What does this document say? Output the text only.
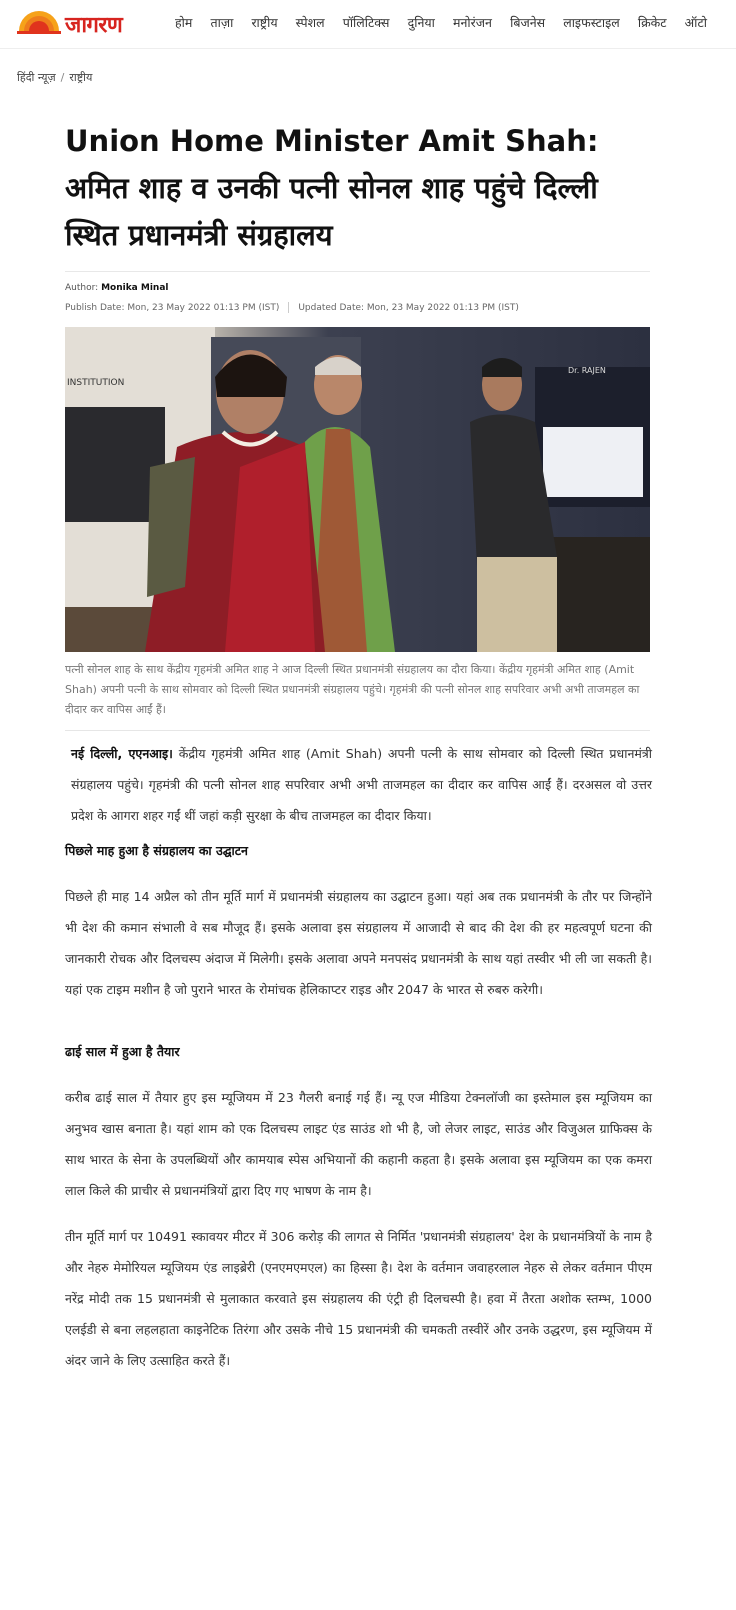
जागरण	होम ताज़ा राष्ट्रीय स्पेशल पॉलिटिक्स दुनिया मनोरंजन बिजनेस लाइफस्टाइल क्रिकेट ऑटो
हिंदी न्यूज़ / राष्ट्रीय
Union Home Minister Amit Shah: अमित शाह व उनकी पत्नी सोनल शाह पहुंचे दिल्ली स्थित प्रधानमंत्री संग्रहालय
Author: Monika Minal
Publish Date: Mon, 23 May 2022 01:13 PM (IST) Updated Date: Mon, 23 May 2022 01:13 PM (IST)
INSTITUTION
Dr. RAJEN
पत्नी सोनल शाह के साथ केंद्रीय गृहमंत्री अमित शाह ने आज दिल्ली स्थित प्रधानमंत्री संग्रहालय का दौरा किया। केंद्रीय गृहमंत्री अमित शाह (Amit Shah) अपनी पत्नी के साथ सोमवार को दिल्ली स्थित प्रधानमंत्री संग्रहालय पहुंचे। गृहमंत्री की पत्नी सोनल शाह सपरिवार अभी अभी ताजमहल का दीदार कर वापिस आईं हैं।

नई दिल्ली, एएनआइ। केंद्रीय गृहमंत्री अमित शाह (Amit Shah) अपनी पत्नी के साथ सोमवार को दिल्ली स्थित प्रधानमंत्री संग्रहालय पहुंचे। गृहमंत्री की पत्नी सोनल शाह सपरिवार अभी अभी ताजमहल का दीदार कर वापिस आईं हैं। दरअसल वो उत्तर प्रदेश के आगरा शहर गईं थीं जहां कड़ी सुरक्षा के बीच ताजमहल का दीदार किया।

पिछले माह हुआ है संग्रहालय का उद्घाटन

पिछले ही माह 14 अप्रैल को तीन मूर्ति मार्ग में प्रधानमंत्री संग्रहालय का उद्घाटन हुआ। यहां अब तक प्रधानमंत्री के तौर पर जिन्होंने भी देश की कमान संभाली वे सब मौजूद हैं। इसके अलावा इस संग्रहालय में आजादी से बाद की देश की हर महत्वपूर्ण घटना की जानकारी रोचक और दिलचस्प अंदाज में मिलेगी। इसके अलावा अपने मनपसंद प्रधानमंत्री के साथ यहां तस्वीर भी ली जा सकती है। यहां एक टाइम मशीन है जो पुराने भारत के रोमांचक हेलिकाप्टर राइड और 2047 के भारत से रुबरु करेगी।

ढाई साल में हुआ है तैयार

करीब ढाई साल में तैयार हुए इस म्यूजियम में 23 गैलरी बनाई गई हैं। न्यू एज मीडिया टेक्नलॉजी का इस्तेमाल इस म्यूजियम का अनुभव खास बनाता है। यहां शाम को एक दिलचस्प लाइट एंड साउंड शो भी है, जो लेजर लाइट, साउंड और विजुअल ग्राफिक्स के साथ भारत के सेना के उपलब्धियों और कामयाब स्पेस अभियानों की कहानी कहता है। इसके अलावा इस म्यूजियम का एक कमरा लाल किले की प्राचीर से प्रधानमंत्रियों द्वारा दिए गए भाषण के नाम है।

तीन मूर्ति मार्ग पर 10491 स्कावयर मीटर में 306 करोड़ की लागत से निर्मित 'प्रधानमंत्री संग्रहालय' देश के प्रधानमंत्रियों के नाम है और नेहरु मेमोरियल म्यूजियम एंड लाइब्रेरी (एनएमएमएल) का हिस्सा है। देश के वर्तमान जवाहरलाल नेहरु से लेकर वर्तमान पीएम नरेंद्र मोदी तक 15 प्रधानमंत्री से मुलाकात करवाते इस संग्रहालय की एंट्री ही दिलचस्पी है। हवा में तैरता अशोक स्तम्भ, 1000 एलईडी से बना लहलहाता काइनेटिक तिरंगा और उसके नीचे 15 प्रधानमंत्री की चमकती तस्वीरें और उनके उद्धरण, इस म्यूजियम में अंदर जाने के लिए उत्साहित करते हैं।
